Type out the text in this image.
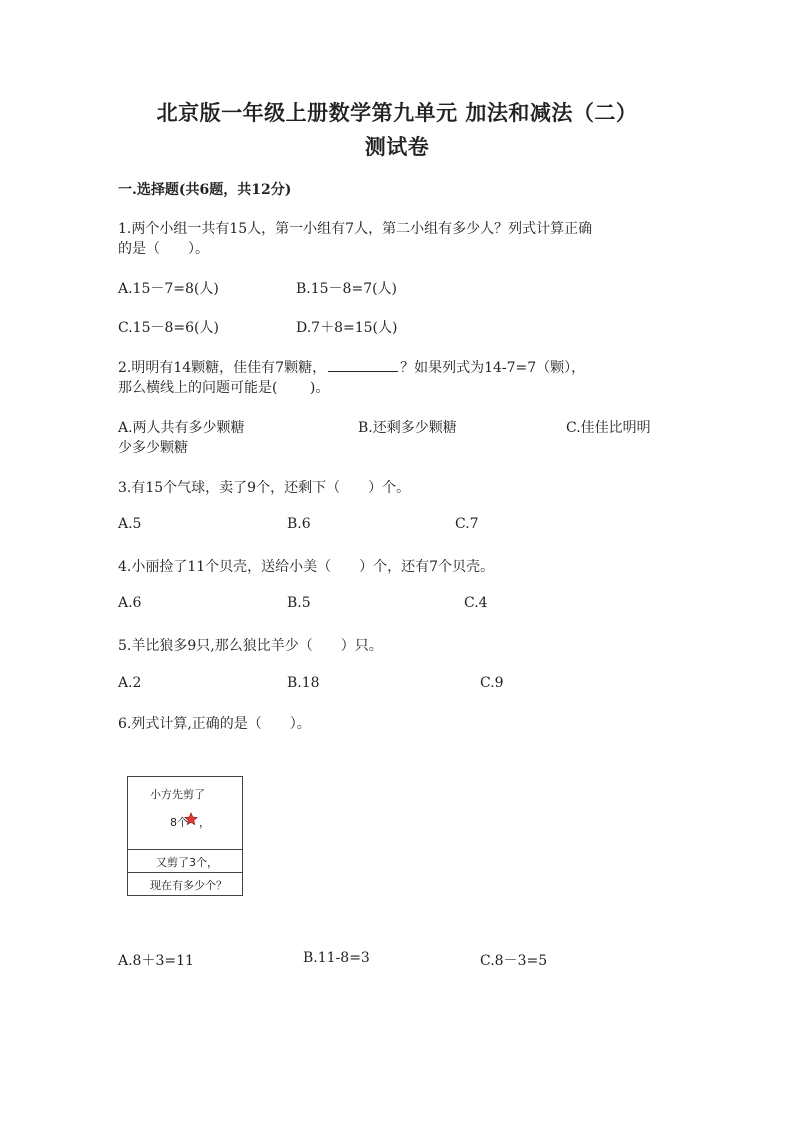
北京版一年级上册数学第九单元 加法和减法（二）
测试卷
一.选择题(共6题，共12分)
1.两个小组一共有15人，第一小组有7人，第二小组有多少人？列式计算正确
的是（　　）。
A.15－7=8(人)	B.15－8=7(人)
C.15－8=6(人)	D.7＋8=15(人)
2.明明有14颗糖，佳佳有7颗糖，	？如果列式为14-7=7（颗），
那么横线上的问题可能是(　　 )。
A.两人共有多少颗糖	B.还剩多少颗糖	C.佳佳比明明
少多少颗糖
3.有15个气球，卖了9个，还剩下（　　）个。
A.5	B.6	C.7
4.小丽捡了11个贝壳，送给小美（　　）个，还有7个贝壳。
A.6	B.5	C.4
5.羊比狼多9只,那么狼比羊少（　　）只。
A.2	B.18	C.9
6.列式计算,正确的是（　　）。
小方先剪了
8个 ，
又剪了3个，
现在有多少个？
A.8＋3=11	B.11-8=3	C.8－3=5
